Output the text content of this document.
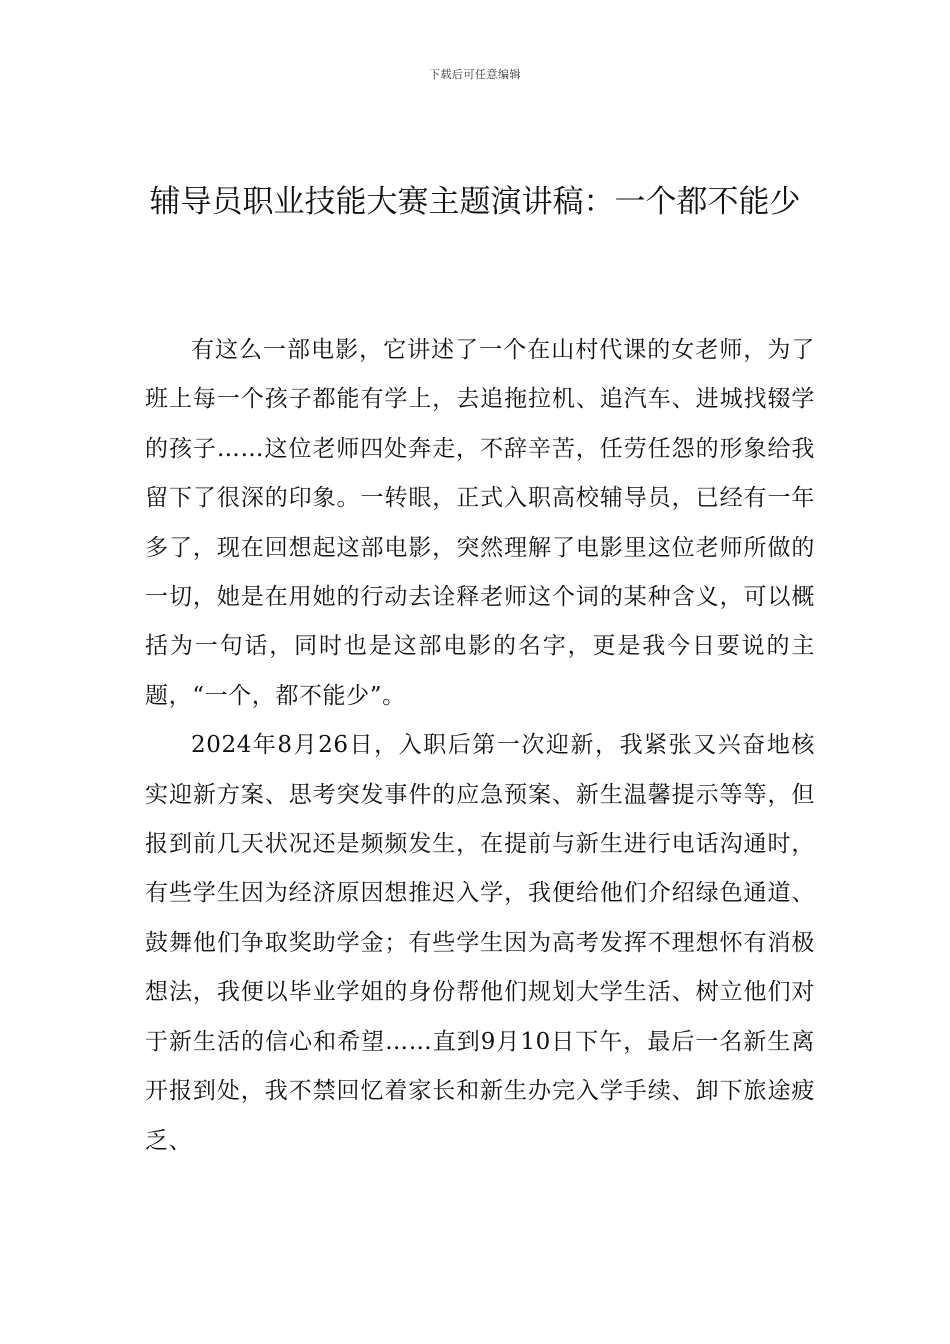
下载后可任意编辑
辅导员职业技能大赛主题演讲稿：一个都不能少

有这么一部电影，它讲述了一个在山村代课的女老师，为了班上每一个孩子都能有学上，去追拖拉机、追汽车、进城找辍学的孩子……这位老师四处奔走，不辞辛苦，任劳任怨的形象给我留下了很深的印象。一转眼，正式入职高校辅导员，已经有一年多了，现在回想起这部电影，突然理解了电影里这位老师所做的一切，她是在用她的行动去诠释老师这个词的某种含义，可以概括为一句话，同时也是这部电影的名字，更是我今日要说的主题，“一个，都不能少”。

2024年8月26日，入职后第一次迎新，我紧张又兴奋地核实迎新方案、思考突发事件的应急预案、新生温馨提示等等，但报到前几天状况还是频频发生，在提前与新生进行电话沟通时，有些学生因为经济原因想推迟入学，我便给他们介绍绿色通道、鼓舞他们争取奖助学金；有些学生因为高考发挥不理想怀有消极想法，我便以毕业学姐的身份帮他们规划大学生活、树立他们对于新生活的信心和希望……直到9月10日下午，最后一名新生离开报到处，我不禁回忆着家长和新生办完入学手续、卸下旅途疲乏、
